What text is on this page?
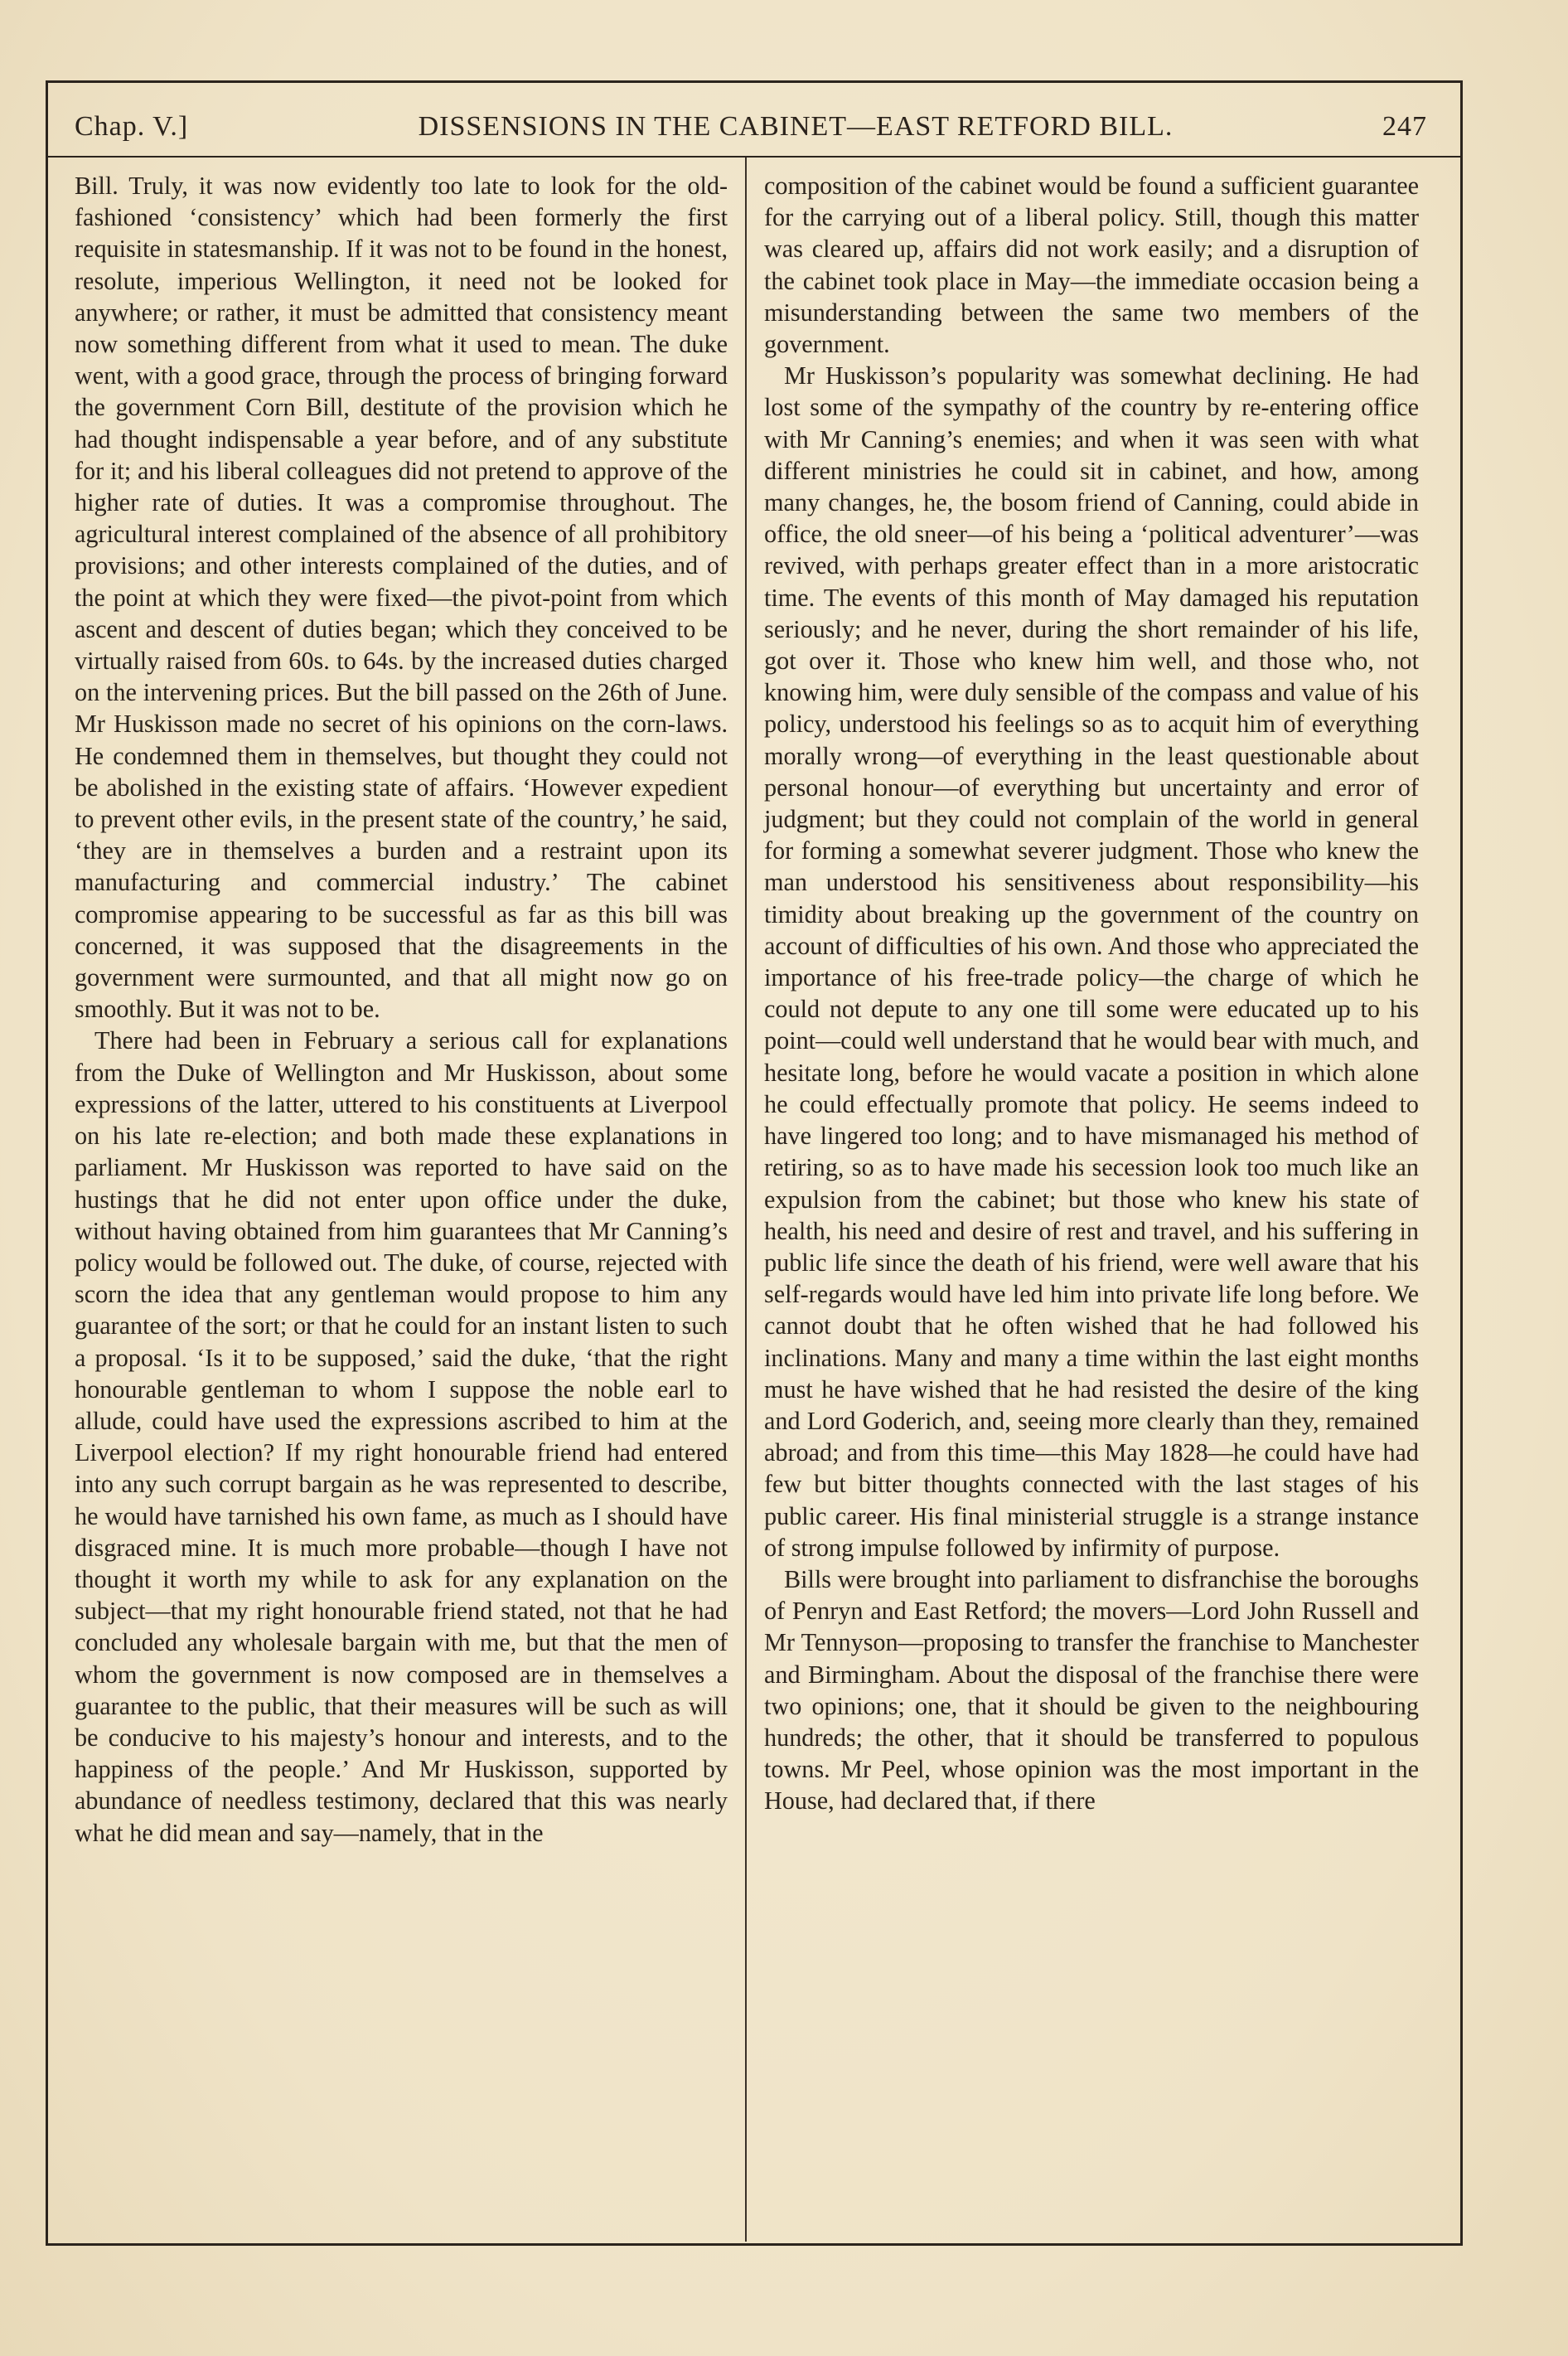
Chap. V.]	DISSENSIONS IN THE CABINET—EAST RETFORD BILL.	247

Bill. Truly, it was now evidently too late to look for the old-fashioned ‘consistency’ which had been formerly the first requisite in statesmanship. If it was not to be found in the honest, resolute, imperious Wellington, it need not be looked for anywhere; or rather, it must be admitted that consistency meant now something different from what it used to mean. The duke went, with a good grace, through the process of bringing forward the government Corn Bill, destitute of the provision which he had thought indispensable a year before, and of any substitute for it; and his liberal colleagues did not pretend to approve of the higher rate of duties. It was a compromise throughout. The agricultural interest complained of the absence of all prohibitory provisions; and other interests complained of the duties, and of the point at which they were fixed—the pivot-point from which ascent and descent of duties began; which they conceived to be virtually raised from 60s. to 64s. by the increased duties charged on the intervening prices. But the bill passed on the 26th of June. Mr Huskisson made no secret of his opinions on the corn-laws. He condemned them in themselves, but thought they could not be abolished in the existing state of affairs. ‘However expedient to prevent other evils, in the present state of the country,’ he said, ‘they are in themselves a burden and a restraint upon its manufacturing and commercial industry.’ The cabinet compromise appearing to be successful as far as this bill was concerned, it was supposed that the disagreements in the government were surmounted, and that all might now go on smoothly. But it was not to be.

There had been in February a serious call for explanations from the Duke of Wellington and Mr Huskisson, about some expressions of the latter, uttered to his constituents at Liverpool on his late re-election; and both made these explanations in parliament. Mr Huskisson was reported to have said on the hustings that he did not enter upon office under the duke, without having obtained from him guarantees that Mr Canning’s policy would be followed out. The duke, of course, rejected with scorn the idea that any gentleman would propose to him any guarantee of the sort; or that he could for an instant listen to such a proposal. ‘Is it to be supposed,’ said the duke, ‘that the right honourable gentleman to whom I suppose the noble earl to allude, could have used the expressions ascribed to him at the Liverpool election? If my right honourable friend had entered into any such corrupt bargain as he was represented to describe, he would have tarnished his own fame, as much as I should have disgraced mine. It is much more probable—though I have not thought it worth my while to ask for any explanation on the subject—that my right honourable friend stated, not that he had concluded any wholesale bargain with me, but that the men of whom the government is now composed are in themselves a guarantee to the public, that their measures will be such as will be conducive to his majesty’s honour and interests, and to the happiness of the people.’ And Mr Huskisson, supported by abundance of needless testimony, declared that this was nearly what he did mean and say—namely, that in the

composition of the cabinet would be found a sufficient guarantee for the carrying out of a liberal policy. Still, though this matter was cleared up, affairs did not work easily; and a disruption of the cabinet took place in May—the immediate occasion being a misunderstanding between the same two members of the government.

Mr Huskisson’s popularity was somewhat declining. He had lost some of the sympathy of the country by re-entering office with Mr Canning’s enemies; and when it was seen with what different ministries he could sit in cabinet, and how, among many changes, he, the bosom friend of Canning, could abide in office, the old sneer—of his being a ‘political adventurer’—was revived, with perhaps greater effect than in a more aristocratic time. The events of this month of May damaged his reputation seriously; and he never, during the short remainder of his life, got over it. Those who knew him well, and those who, not knowing him, were duly sensible of the compass and value of his policy, understood his feelings so as to acquit him of everything morally wrong—of everything in the least questionable about personal honour—of everything but uncertainty and error of judgment; but they could not complain of the world in general for forming a somewhat severer judgment. Those who knew the man understood his sensitiveness about responsibility—his timidity about breaking up the government of the country on account of difficulties of his own. And those who appreciated the importance of his free-trade policy—the charge of which he could not depute to any one till some were educated up to his point—could well understand that he would bear with much, and hesitate long, before he would vacate a position in which alone he could effectually promote that policy. He seems indeed to have lingered too long; and to have mismanaged his method of retiring, so as to have made his secession look too much like an expulsion from the cabinet; but those who knew his state of health, his need and desire of rest and travel, and his suffering in public life since the death of his friend, were well aware that his self-regards would have led him into private life long before. We cannot doubt that he often wished that he had followed his inclinations. Many and many a time within the last eight months must he have wished that he had resisted the desire of the king and Lord Goderich, and, seeing more clearly than they, remained abroad; and from this time—this May 1828—he could have had few but bitter thoughts connected with the last stages of his public career. His final ministerial struggle is a strange instance of strong impulse followed by infirmity of purpose.

Bills were brought into parliament to disfranchise the boroughs of Penryn and East Retford; the movers—Lord John Russell and Mr Tennyson—proposing to transfer the franchise to Manchester and Birmingham. About the disposal of the franchise there were two opinions; one, that it should be given to the neighbouring hundreds; the other, that it should be transferred to populous towns. Mr Peel, whose opinion was the most important in the House, had declared that, if there
